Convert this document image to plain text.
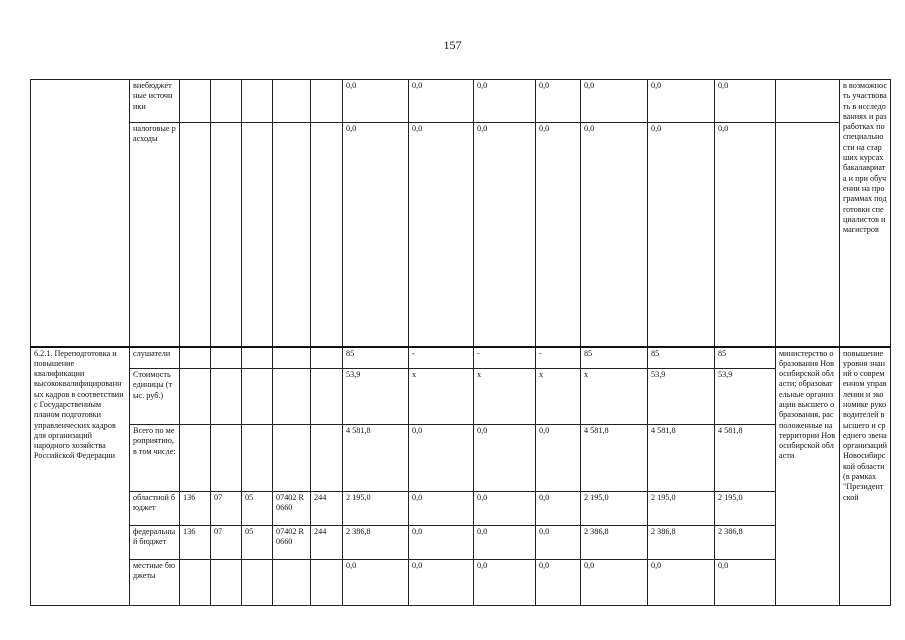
157
	внебюджетные источники						0,0	0,0	0,0	0,0	0,0	0,0	0,0		в возможность участвовать в исследованиях и разработках по специальности на старших курсах бакалавриата и при обучении на программах подготовки специалистов и магистров
	налоговые расходы						0,0	0,0	0,0	0,0	0,0	0,0	0,0		
6.2.1. Переподготовка и повышение квалификации высококвалифицированных кадров в соответствии с Государственным планом подготовки управленческих кадров для организаций народного хозяйства Российской Федерации	слушатели						85	-	-	-	85	85	85	министерство образования Новосибирской области; образовательные организации высшего образования, расположенные на территории Новосибирской области	повышение уровня знаний о современном управлении и экономике руководителей высшего и среднего звена организаций Новосибирской области (в рамках "Президентской
	Стоимость единицы (тыс. руб.)						53,9	x	x	x	x	53,9	53,9		
	Всего по мероприятию, в том числе:						4 581,8	0,0	0,0	0,0	4 581,8	4 581,8	4 581,8		
	областной бюджет	136	07	05	07402 R0660	244	2 195,0	0,0	0,0	0,0	2 195,0	2 195,0	2 195,0		
	федеральный бюджет	136	07	05	07402 R0660	244	2 386,8	0,0	0,0	0,0	2 386,8	2 386,8	2 386,8		
	местные бюджеты						0,0	0,0	0,0	0,0	0,0	0,0	0,0		
